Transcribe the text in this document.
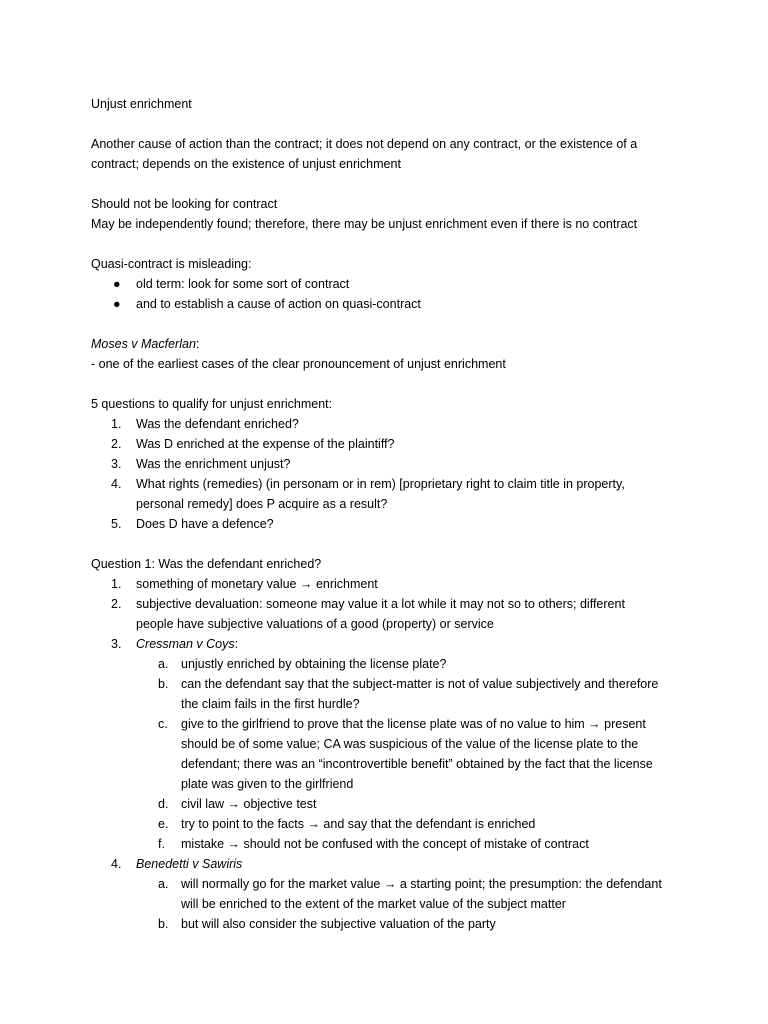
Unjust enrichment
Another cause of action than the contract; it does not depend on any contract, or the existence of a
contract; depends on the existence of unjust enrichment
Should not be looking for contract
May be independently found; therefore, there may be unjust enrichment even if there is no contract
Quasi-contract is misleading:
●	old term: look for some sort of contract
●	and to establish a cause of action on quasi-contract
Moses v Macferlan:
- one of the earliest cases of the clear pronouncement of unjust enrichment
5 questions to qualify for unjust enrichment:
1.	Was the defendant enriched?
2.	Was D enriched at the expense of the plaintiff?
3.	Was the enrichment unjust?
4.	What rights (remedies) (in personam or in rem) [proprietary right to claim title in property,
personal remedy] does P acquire as a result?
5.	Does D have a defence?
Question 1: Was the defendant enriched?
1.	something of monetary value → enrichment
2.	subjective devaluation: someone may value it a lot while it may not so to others; different
people have subjective valuations of a good (property) or service
3.	Cressman v Coys:
a.	unjustly enriched by obtaining the license plate?
b.	can the defendant say that the subject-matter is not of value subjectively and therefore
the claim fails in the first hurdle?
c.	give to the girlfriend to prove that the license plate was of no value to him → present
should be of some value; CA was suspicious of the value of the license plate to the
defendant; there was an “incontrovertible benefit” obtained by the fact that the license
plate was given to the girlfriend
d.	civil law → objective test
e.	try to point to the facts → and say that the defendant is enriched
f.	mistake → should not be confused with the concept of mistake of contract
4.	Benedetti v Sawiris
a.	will normally go for the market value → a starting point; the presumption: the defendant
will be enriched to the extent of the market value of the subject matter
b.	but will also consider the subjective valuation of the party
